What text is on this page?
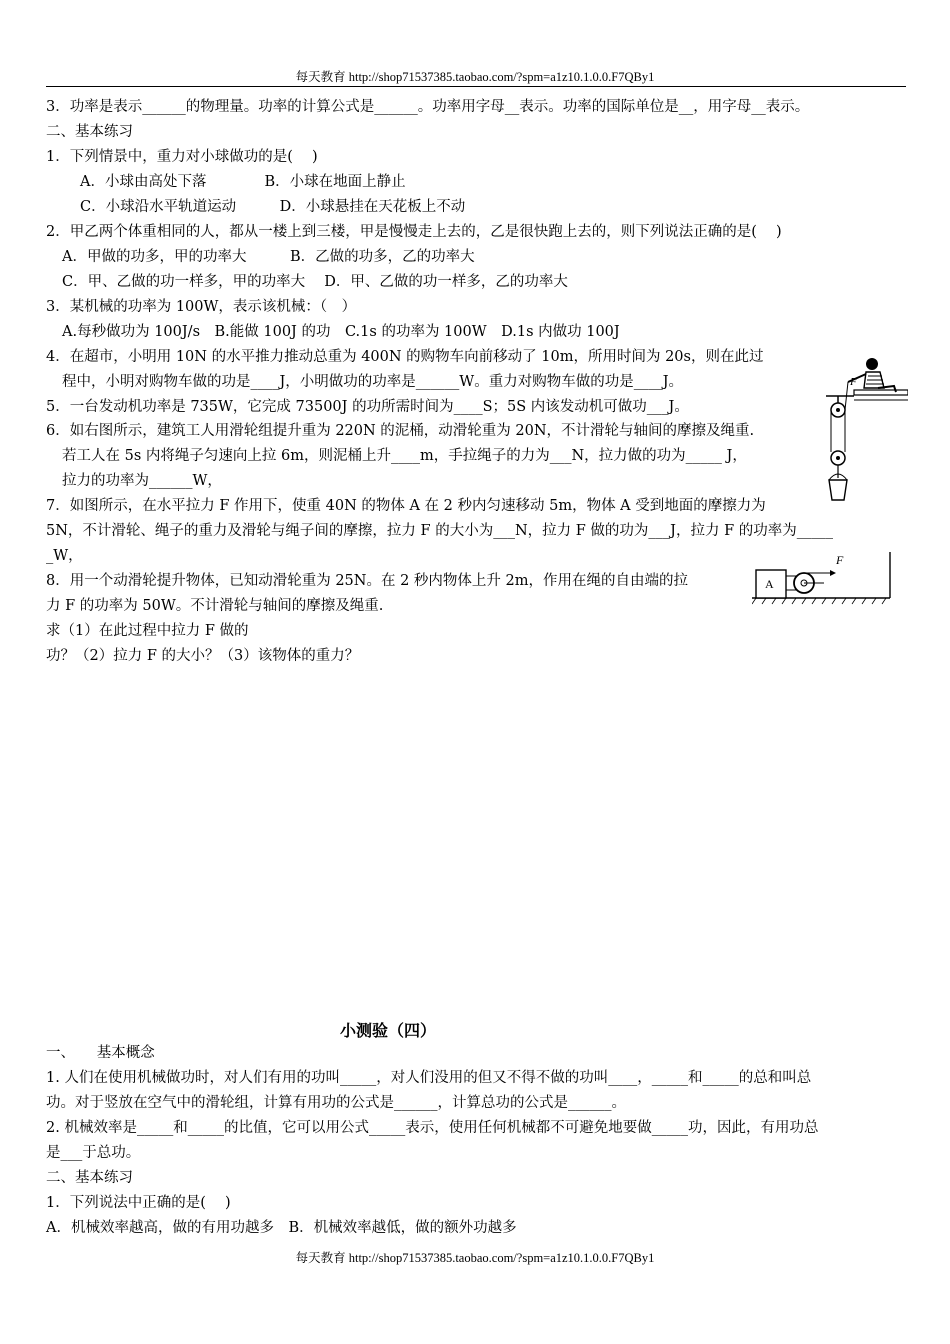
每天教育 http://shop71537385.taobao.com/?spm=a1z10.1.0.0.F7QBy1
每天教育 http://shop71537385.taobao.com/?spm=a1z10.1.0.0.F7QBy1
3．功率是表示______的物理量。功率的计算公式是______。功率用字母__表示。功率的国际单位是__，用字母__表示。
二、基本练习
1．下列情景中，重力对小球做功的是(　 )
A．小球由高处下落　　　　B．小球在地面上静止
C．小球沿水平轨道运动　　　D．小球悬挂在天花板上不动
2．甲乙两个体重相同的人，都从一楼上到三楼，甲是慢慢走上去的，乙是很快跑上去的，则下列说法正确的是(　 )
A．甲做的功多，甲的功率大　　　B．乙做的功多，乙的功率大
C．甲、乙做的功一样多，甲的功率大　 D．甲、乙做的功一样多，乙的功率大
3．某机械的功率为 100W，表示该机械：（　）
A.每秒做功为 100J/s　B.能做 100J 的功　C.1s 的功率为 100W　D.1s 内做功 100J
4．在超市，小明用 10N 的水平推力推动总重为 400N 的购物车向前移动了 10m，所用时间为 20s，则在此过
程中，小明对购物车做的功是____J，小明做功的功率是______W。重力对购物车做的功是____J。
5．一台发动机功率是 735W，它完成 73500J 的功所需时间为____S；5S 内该发动机可做功___J。
6．如右图所示，建筑工人用滑轮组提升重为 220N 的泥桶，动滑轮重为 20N，不计滑轮与轴间的摩擦及绳重.
若工人在 5s 内将绳子匀速向上拉 6m，则泥桶上升____m，手拉绳子的力为___N，拉力做的功为_____ J，
拉力的功率为______W，
7．如图所示，在水平拉力 F 作用下，使重 40N 的物体 A 在 2 秒内匀速移动 5m，物体 A 受到地面的摩擦力为
5N，不计滑轮、绳子的重力及滑轮与绳子间的摩擦，拉力 F 的大小为___N，拉力 F 做的功为___J，拉力 F 的功率为_____
_W，
8．用一个动滑轮提升物体，已知动滑轮重为 25N。在 2 秒内物体上升 2m，作用在绳的自由端的拉
力 F 的功率为 50W。不计滑轮与轴间的摩擦及绳重.
求（1）在此过程中拉力 F 做的
功？（2）拉力 F 的大小？（3）该物体的重力？
F
A
F
小测验（四）
一、　　基本概念
1. 人们在使用机械做功时，对人们有用的功叫_____，对人们没用的但又不得不做的功叫____，_____和_____的总和叫总
功。对于竖放在空气中的滑轮组，计算有用功的公式是______，计算总功的公式是______。
2. 机械效率是_____和_____的比值，它可以用公式_____表示，使用任何机械都不可避免地要做_____功，因此，有用功总
是___于总功。
二、基本练习
1．下列说法中正确的是(　 )
A．机械效率越高，做的有用功越多　B．机械效率越低，做的额外功越多
